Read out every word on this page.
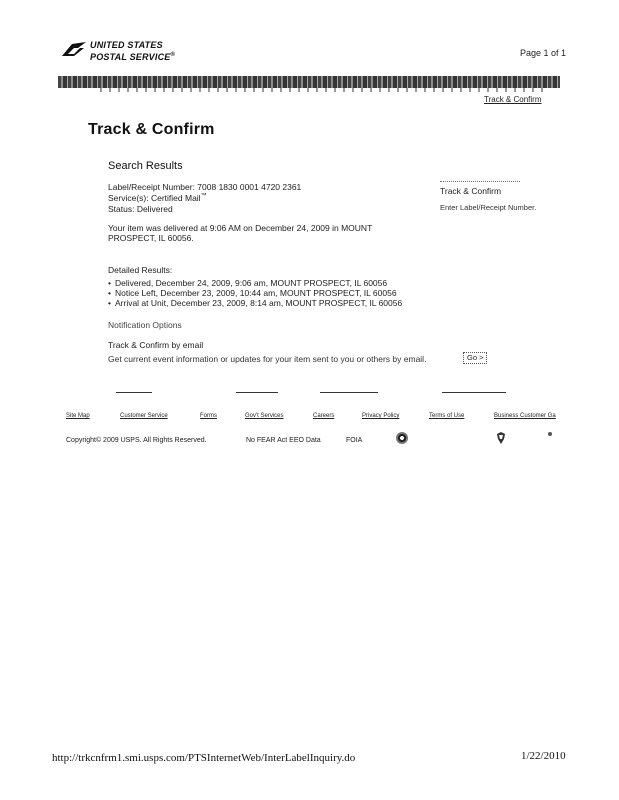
UNITED STATES
POSTAL SERVICE®	Page 1 of 1
Track & Confirm
Track & Confirm
Search Results
Label/Receipt Number: 7008 1830 0001 4720 2361
Service(s): Certified Mail™
Status: Delivered
Track & Confirm
Enter Label/Receipt Number.
Your item was delivered at 9:06 AM on December 24, 2009 in MOUNT PROSPECT, IL 60056.
Detailed Results:
• Delivered, December 24, 2009, 9:06 am, MOUNT PROSPECT, IL 60056
• Notice Left, December 23, 2009, 10:44 am, MOUNT PROSPECT, IL 60056
• Arrival at Unit, December 23, 2009, 8:14 am, MOUNT PROSPECT, IL 60056
Notification Options
Track & Confirm by email
Get current event information or updates for your item sent to you or others by email.	Go >
Site Map	Customer Service	Forms	Gov't Services	Careers	Privacy Policy	Terms of Use	Business Customer Ga
Copyright© 2009 USPS. All Rights Reserved.	No FEAR Act EEO Data	FOIA
http://trkcnfrm1.smi.usps.com/PTSInternetWeb/InterLabelInquiry.do	1/22/2010
